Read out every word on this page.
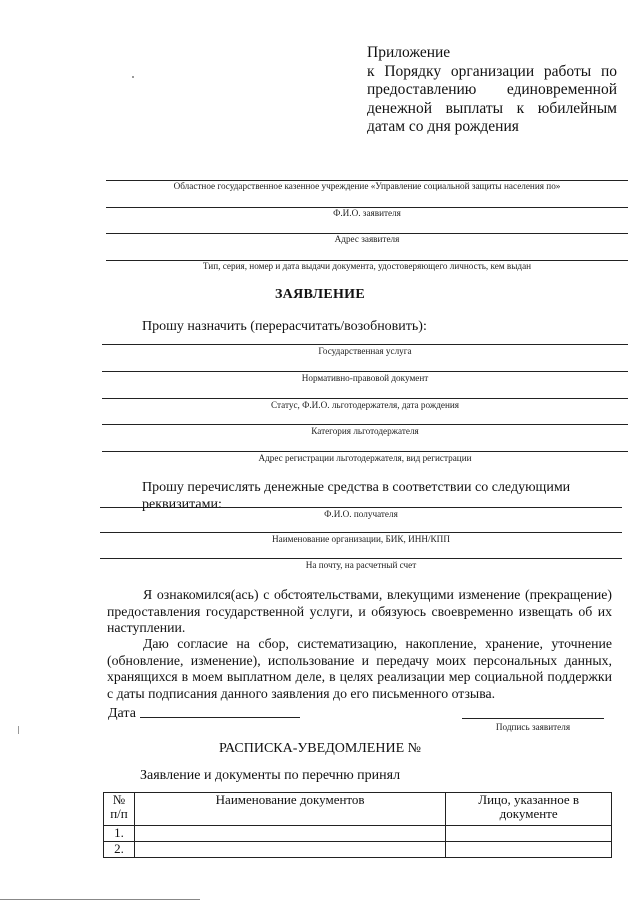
Приложение
к Порядку организации работы по
предоставлению единовременной
денежной выплаты к юбилейным
датам со дня рождения
Областное государственное казенное учреждение «Управление социальной защиты населения по»
Ф.И.О. заявителя
Адрес заявителя
Тип, серия, номер и дата выдачи документа, удостоверяющего личность, кем выдан
ЗАЯВЛЕНИЕ
Прошу назначить (перерасчитать/возобновить):
Государственная услуга
Нормативно-правовой документ
Статус, Ф.И.О. льготодержателя, дата рождения
Категория льготодержателя
Адрес регистрации льготодержателя, вид регистрации
Прошу перечислять денежные средства в соответствии со следующими реквизитами:
Ф.И.О. получателя
Наименование организации, БИК, ИНН/КПП
На почту, на расчетный счет
Я ознакомился(ась) с обстоятельствами, влекущими изменение (прекращение) предоставления государственной услуги, и обязуюсь своевременно извещать об их наступлении.
Даю согласие на сбор, систематизацию, накопление, хранение, уточнение (обновление, изменение), использование и передачу моих персональных данных, хранящихся в моем выплатном деле, в целях реализации мер социальной поддержки с даты подписания данного заявления до его письменного отзыва.
Дата
Подпись заявителя
РАСПИСКА-УВЕДОМЛЕНИЕ №
Заявление и документы по перечню принял
№ п/п	Наименование документов	Лицо, указанное в документе
1.		
2.		
